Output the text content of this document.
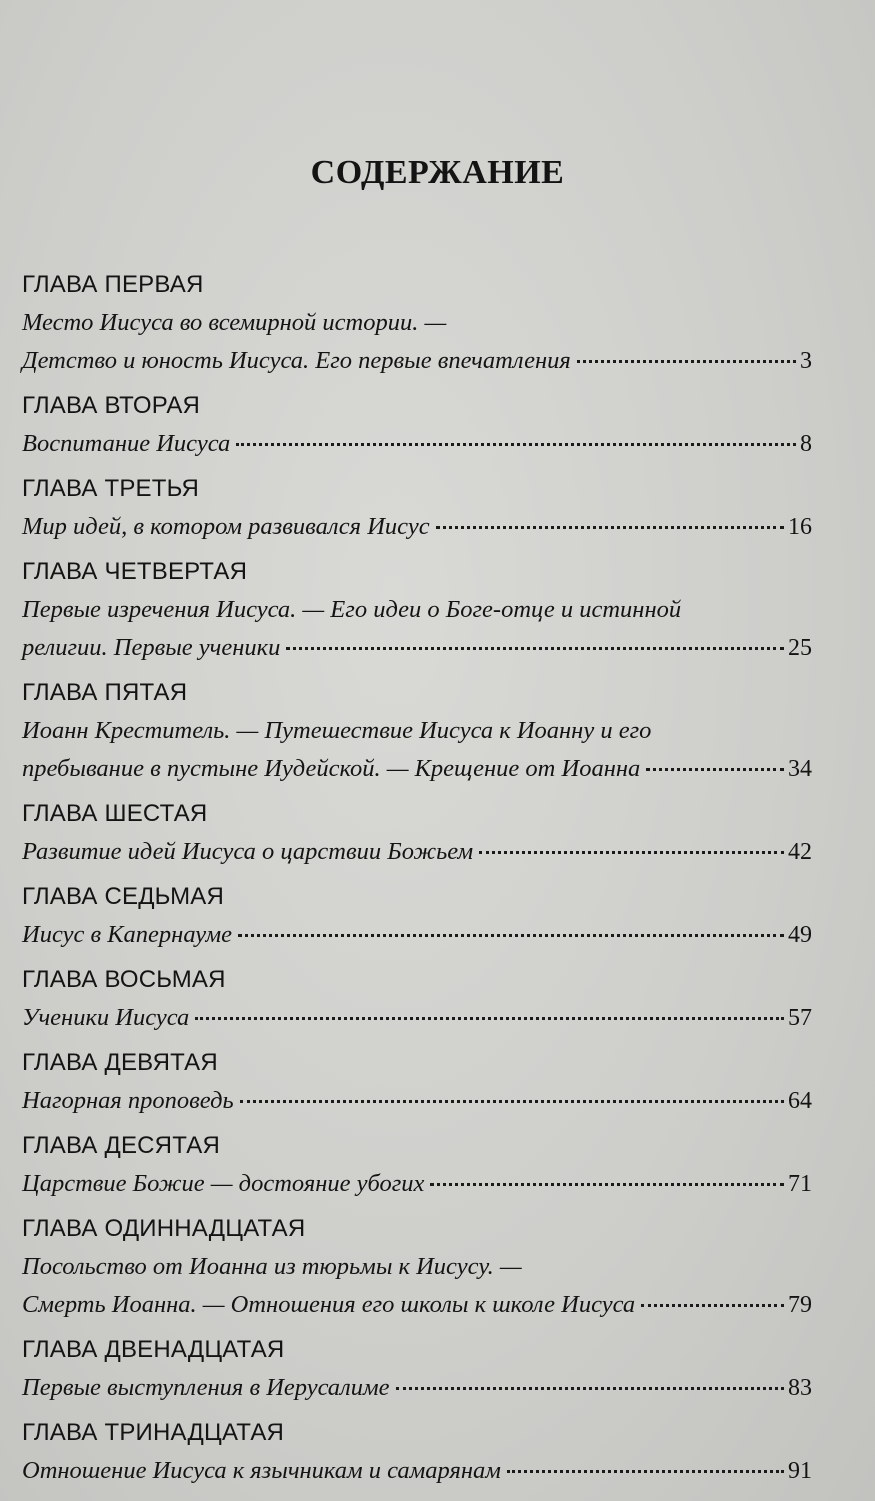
СОДЕРЖАНИЕ
ГЛАВА ПЕРВАЯ
Место Иисуса во всемирной истории. —
Детство и юность Иисуса. Его первые впечатления	3
ГЛАВА ВТОРАЯ
Воспитание Иисуса	8
ГЛАВА ТРЕТЬЯ
Мир идей, в котором развивался Иисус	16
ГЛАВА ЧЕТВЕРТАЯ
Первые изречения Иисуса. — Его идеи о Боге-отце и истинной
религии. Первые ученики	25
ГЛАВА ПЯТАЯ
Иоанн Креститель. — Путешествие Иисуса к Иоанну и его
пребывание в пустыне Иудейской. — Крещение от Иоанна	34
ГЛАВА ШЕСТАЯ
Развитие идей Иисуса о царствии Божьем	42
ГЛАВА СЕДЬМАЯ
Иисус в Капернауме	49
ГЛАВА ВОСЬМАЯ
Ученики Иисуса	57
ГЛАВА ДЕВЯТАЯ
Нагорная проповедь	64
ГЛАВА ДЕСЯТАЯ
Царствие Божие — достояние убогих	71
ГЛАВА ОДИННАДЦАТАЯ
Посольство от Иоанна из тюрьмы к Иисусу. —
Смерть Иоанна. — Отношения его школы к школе Иисуса	79
ГЛАВА ДВЕНАДЦАТАЯ
Первые выступления в Иерусалиме	83
ГЛАВА ТРИНАДЦАТАЯ
Отношение Иисуса к язычникам и самарянам	91
